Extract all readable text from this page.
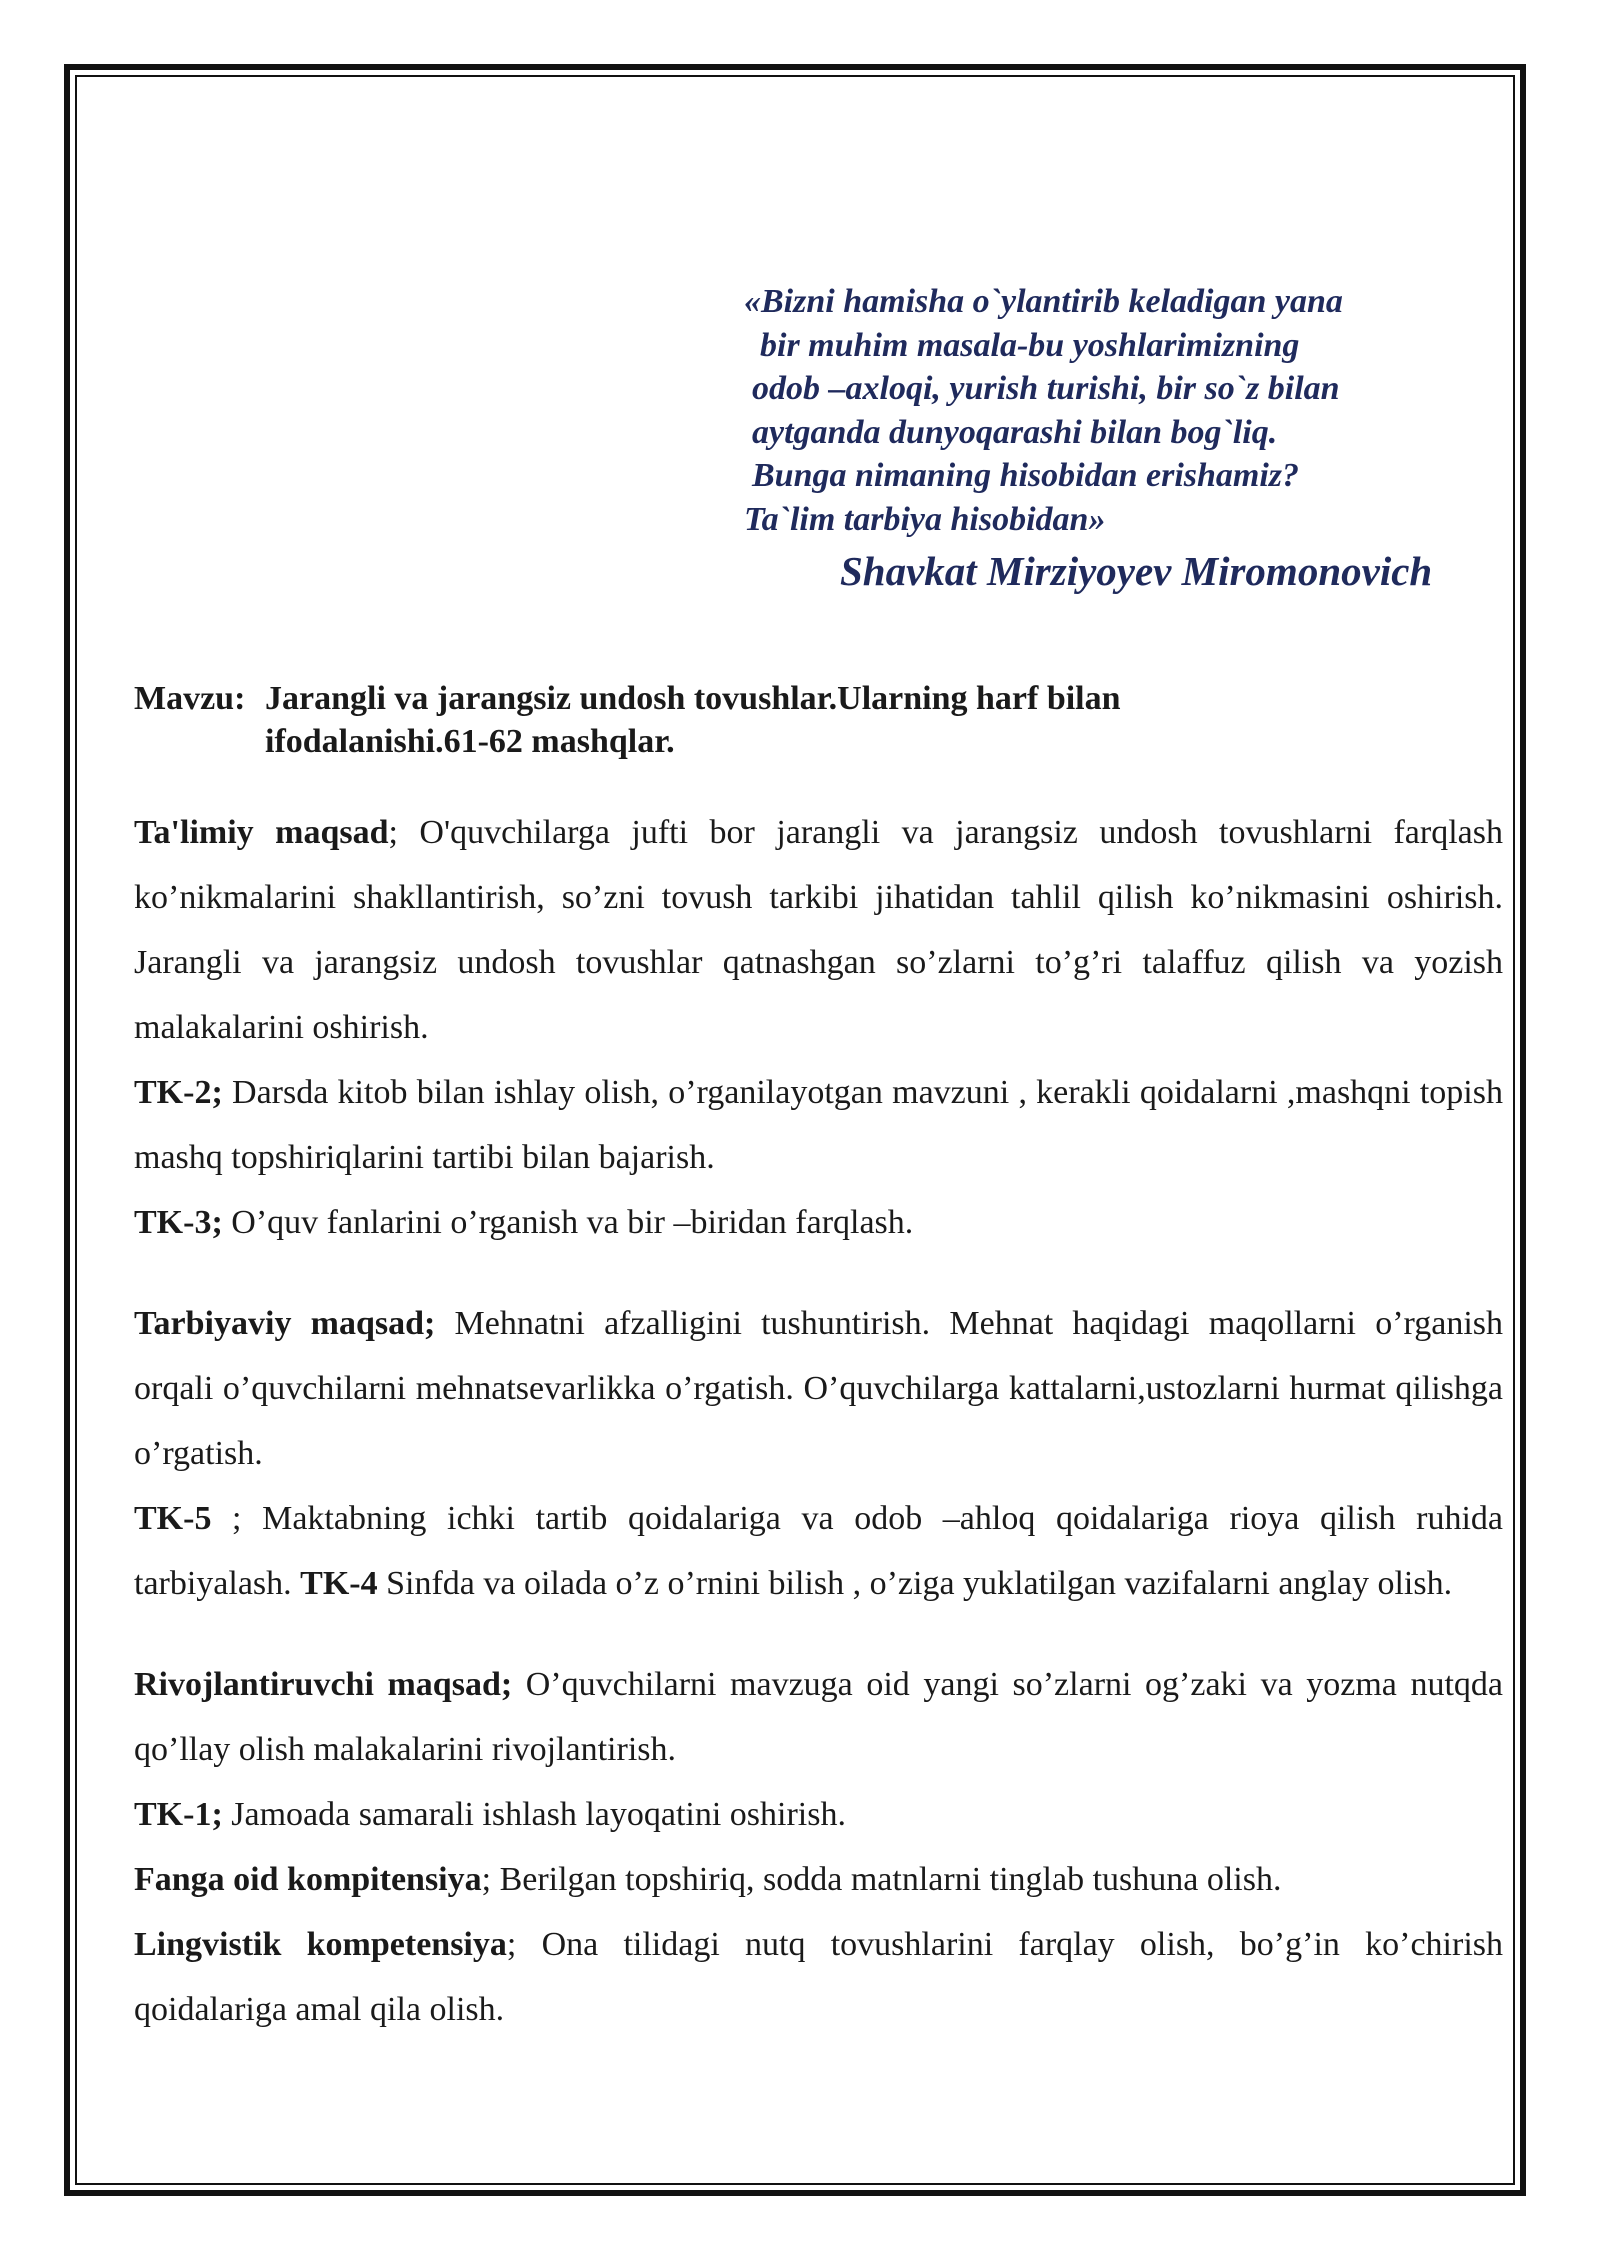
«Bizni hamisha o`ylantirib keladigan yana
bir muhim masala-bu yoshlarimizning
odob –axloqi, yurish turishi, bir so`z bilan
aytganda dunyoqarashi bilan bog`liq.
Bunga nimaning hisobidan erishamiz?
Ta`lim tarbiya hisobidan»
Shavkat Mirziyoyev Miromonovich
Mavzu: Jarangli va jarangsiz undosh tovushlar.Ularning harf bilan
ifodalanishi.61-62 mashqlar.

Ta'limiy maqsad; O'quvchilarga jufti bor jarangli va jarangsiz undosh tovushlarni farqlash ko’nikmalarini shakllantirish, so’zni tovush tarkibi jihatidan tahlil qilish ko’nikmasini oshirish. Jarangli va jarangsiz undosh tovushlar qatnashgan so’zlarni to’g’ri talaffuz qilish va yozish malakalarini oshirish.

TK-2; Darsda kitob bilan ishlay olish, o’rganilayotgan mavzuni , kerakli qoidalarni ,mashqni topish mashq topshiriqlarini tartibi bilan bajarish.

TK-3; O’quv fanlarini o’rganish va bir –biridan farqlash.

Tarbiyaviy maqsad; Mehnatni afzalligini tushuntirish. Mehnat haqidagi maqollarni o’rganish orqali o’quvchilarni mehnatsevarlikka o’rgatish. O’quvchilarga kattalarni,ustozlarni hurmat qilishga o’rgatish.

TK-5 ; Maktabning ichki tartib qoidalariga va odob –ahloq qoidalariga rioya qilish ruhida tarbiyalash. TK-4 Sinfda va oilada o’z o’rnini bilish , o’ziga yuklatilgan vazifalarni anglay olish.

Rivojlantiruvchi maqsad; O’quvchilarni mavzuga oid yangi so’zlarni og’zaki va yozma nutqda qo’llay olish malakalarini rivojlantirish.

TK-1; Jamoada samarali ishlash layoqatini oshirish.

Fanga oid kompitensiya; Berilgan topshiriq, sodda matnlarni tinglab tushuna olish.

Lingvistik kompetensiya; Ona tilidagi nutq tovushlarini farqlay olish, bo’g’in ko’chirish qoidalariga amal qila olish.
